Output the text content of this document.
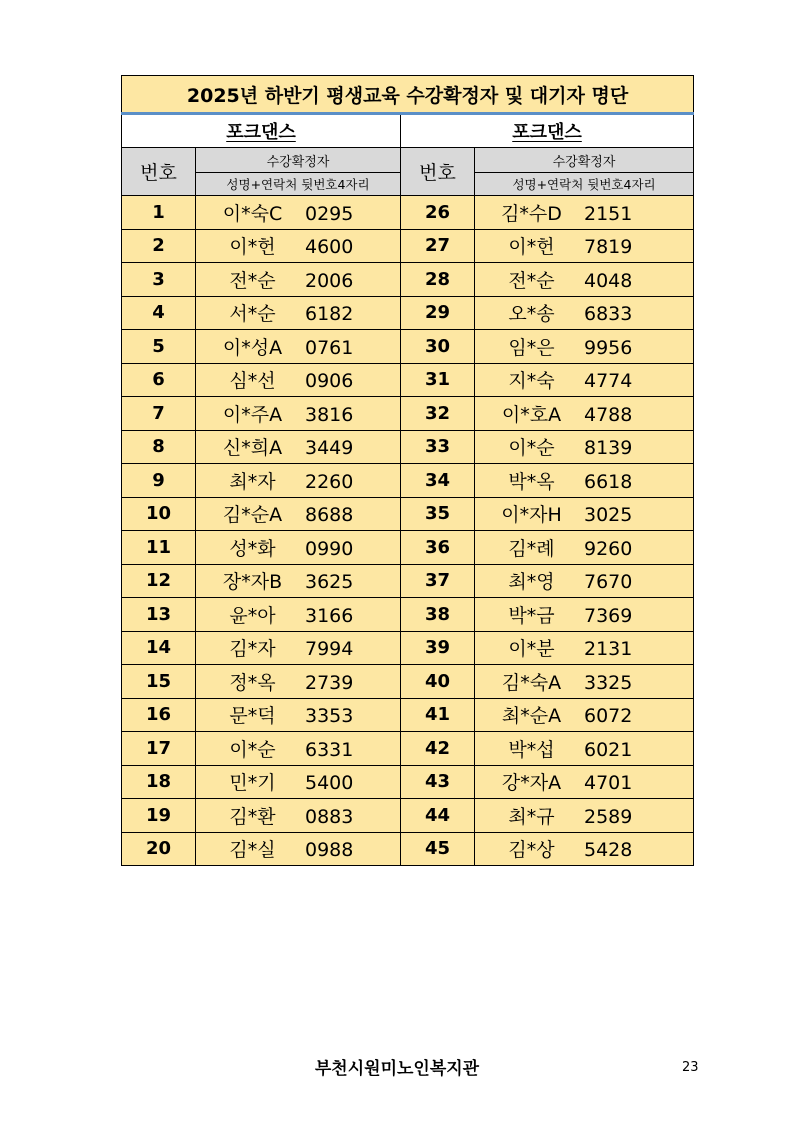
2025년 하반기 평생교육 수강확정자 및 대기자 명단			
포크댄스		포크댄스	
번호	수강확정자	번호	수강확정자
	성명+연락처 뒷번호4자리		성명+연락처 뒷번호4자리
1	이*숙C 0295	26	김*수D 2151
2	이*헌 4600	27	이*헌 7819
3	전*순 2006	28	전*순 4048
4	서*순 6182	29	오*송 6833
5	이*성A 0761	30	임*은 9956
6	심*선 0906	31	지*숙 4774
7	이*주A 3816	32	이*호A 4788
8	신*희A 3449	33	이*순 8139
9	최*자 2260	34	박*옥 6618
10	김*순A 8688	35	이*자H 3025
11	성*화 0990	36	김*례 9260
12	장*자B 3625	37	최*영 7670
13	윤*아 3166	38	박*금 7369
14	김*자 7994	39	이*분 2131
15	정*옥 2739	40	김*숙A 3325
16	문*덕 3353	41	최*순A 6072
17	이*순 6331	42	박*섭 6021
18	민*기 5400	43	강*자A 4701
19	김*환 0883	44	최*규 2589
20	김*실 0988	45	김*상 5428
부천시원미노인복지관	23
